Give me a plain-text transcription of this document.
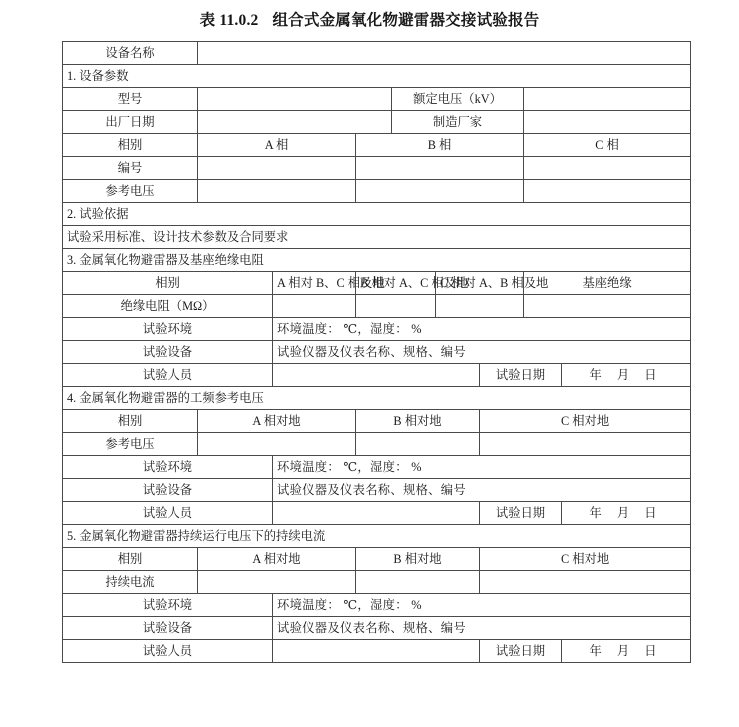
表 11.0.2 组合式金属氧化物避雷器交接试验报告
设备名称								
1. 设备参数								
型号				额定电压（kV）				
出厂日期				制造厂家				
相别	A 相		B 相				C 相	
编号								
参考电压								
2. 试验依据								
试验采用标准、设计技术参数及合同要求								
3. 金属氧化物避雷器及基座绝缘电阻								
相别		A 相对 B、C 相及地	B 相对 A、C 相及地		C 相对 A、B 相及地		基座绝缘	
绝缘电阻（MΩ）								
试验环境		环境温度： ℃，湿度： %						
试验设备		试验仪器及仪表名称、规格、编号						
试验人员						试验日期		年 月 日
4. 金属氧化物避雷器的工频参考电压								
相别	A 相对地		B 相对地			C 相对地		
参考电压								
试验环境		环境温度： ℃，湿度： %						
试验设备		试验仪器及仪表名称、规格、编号						
试验人员						试验日期		年 月 日
5. 金属氧化物避雷器持续运行电压下的持续电流								
相别	A 相对地		B 相对地			C 相对地		
持续电流								
试验环境		环境温度： ℃，湿度： %						
试验设备		试验仪器及仪表名称、规格、编号						
试验人员						试验日期		年 月 日
